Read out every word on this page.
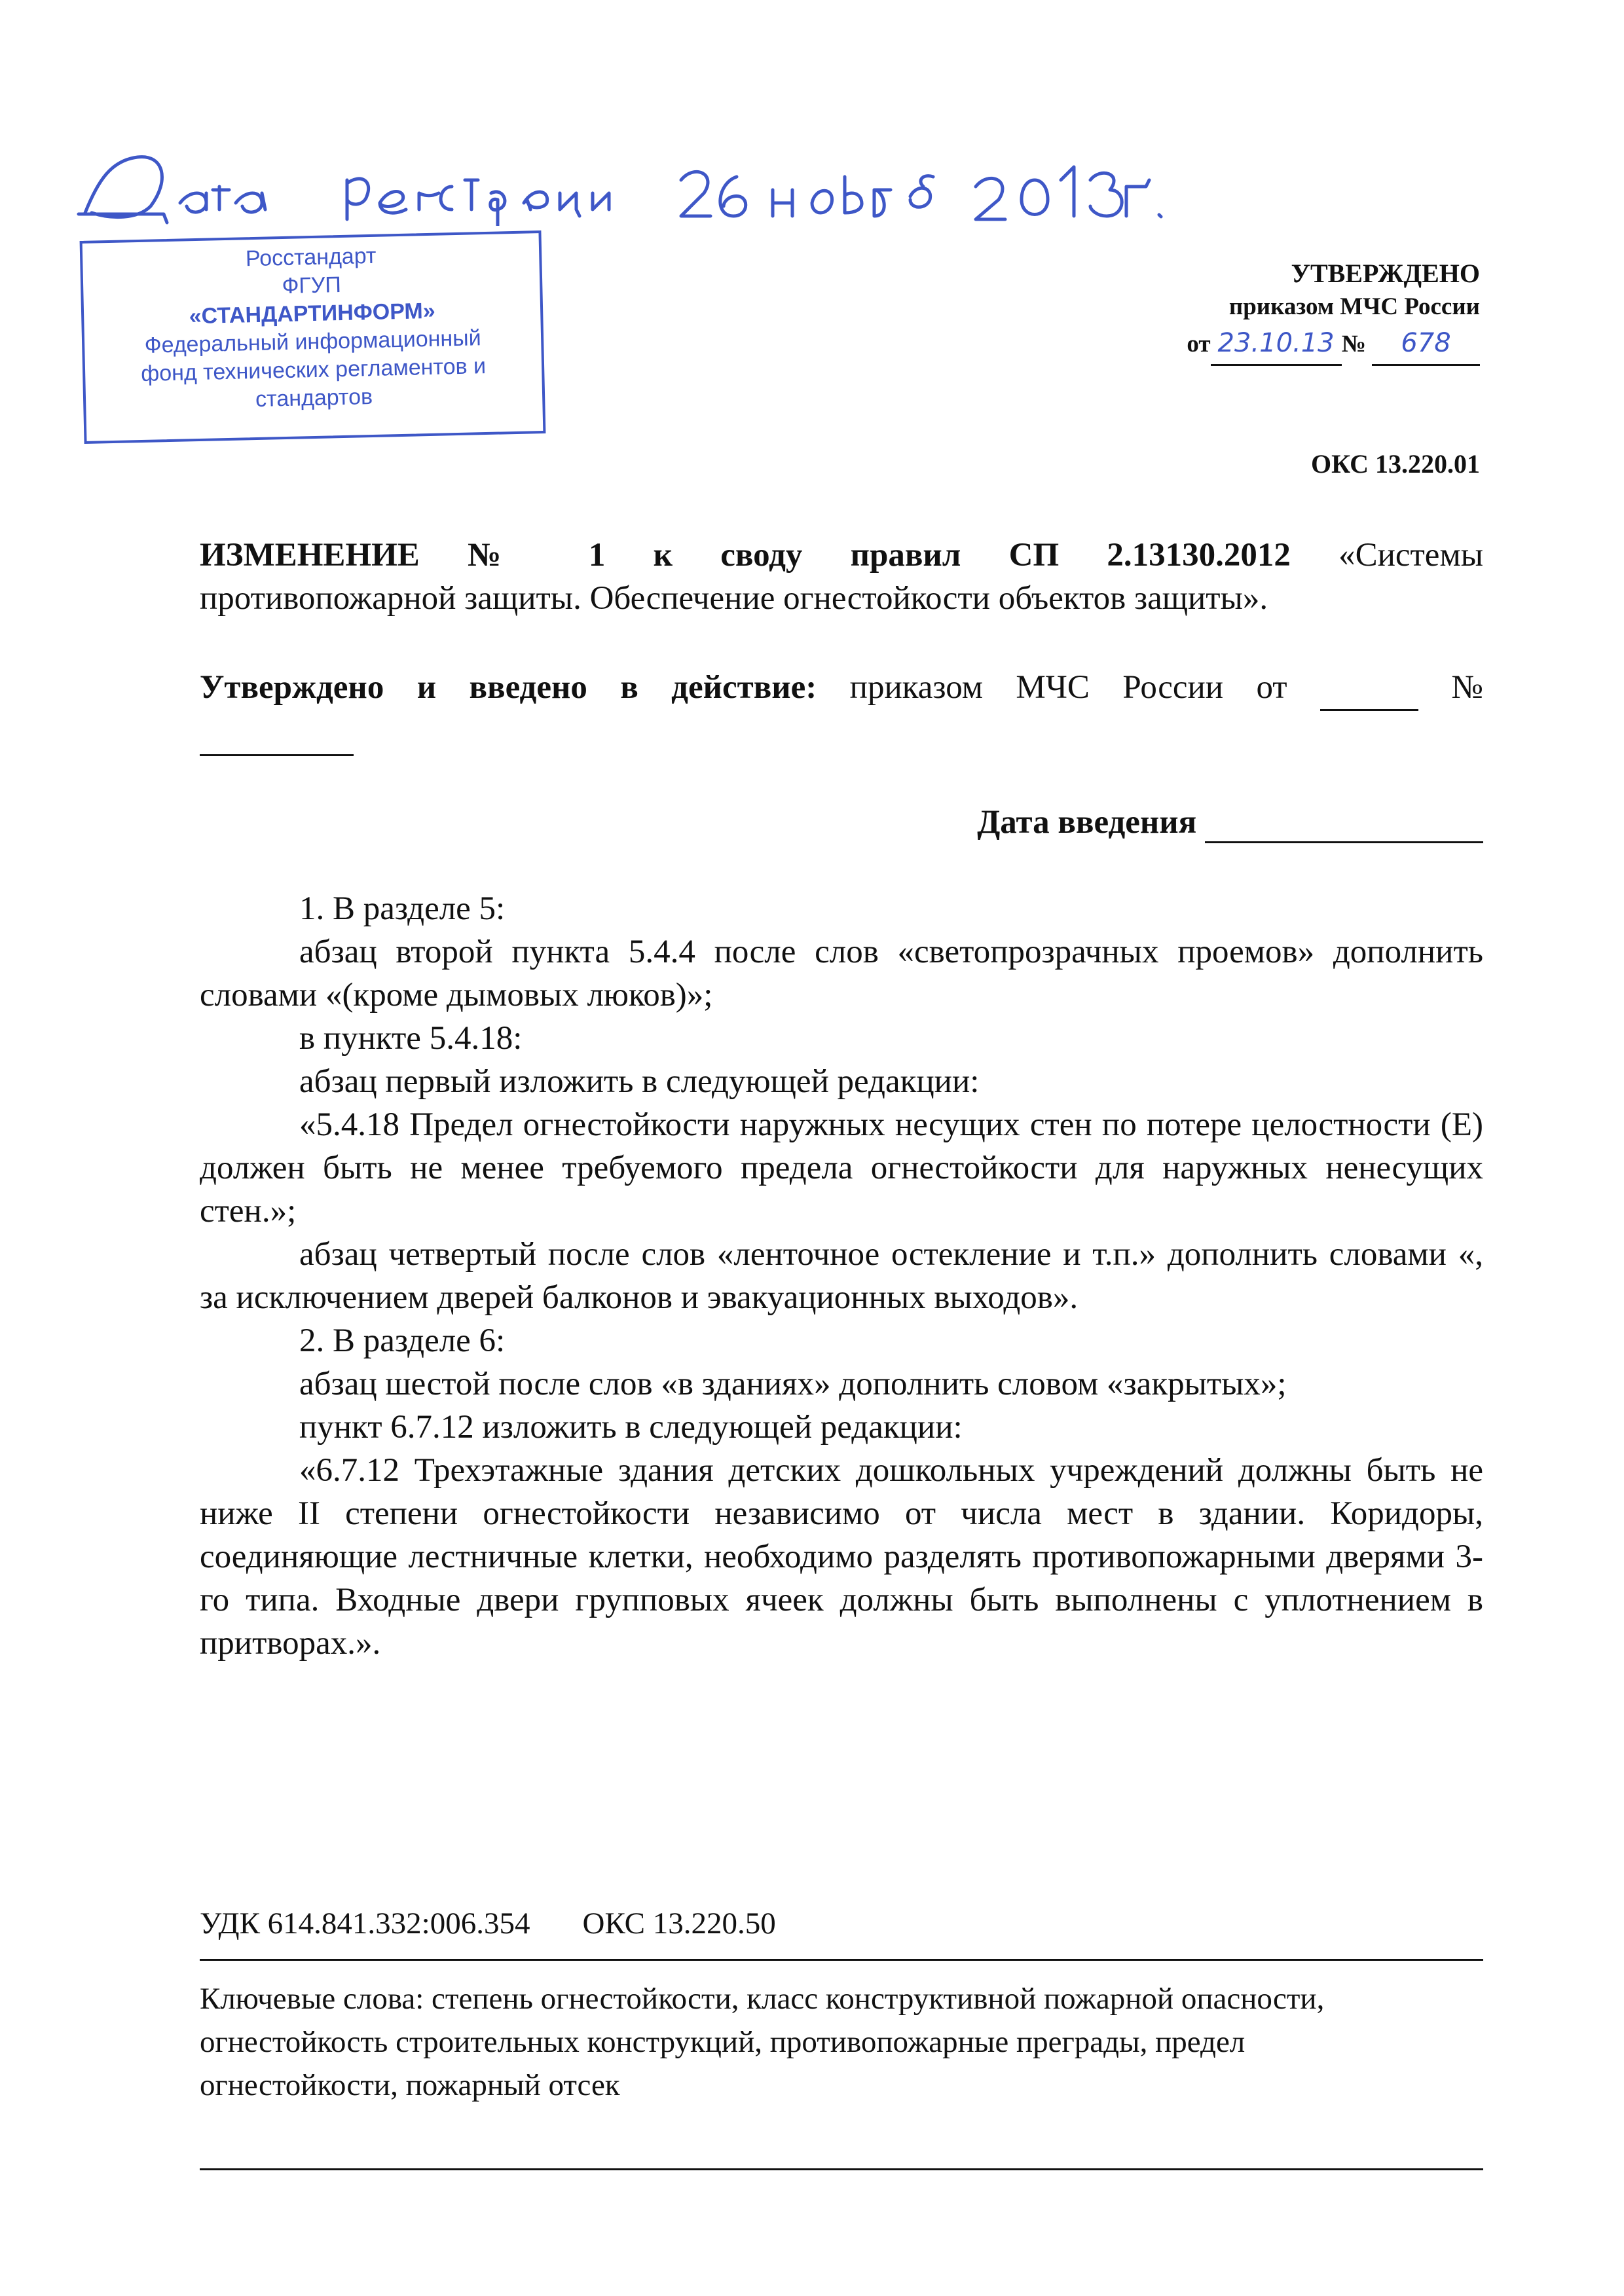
Росстандарт
ФГУП
«СТАНДАРТИНФОРМ»
Федеральный информационный
фонд технических регламентов и
стандартов
УТВЕРЖДЕНО
приказом МЧС России
от 23.10.13 № 678
ОКС 13.220.01
ИЗМЕНЕНИЕ № 1 к своду правил СП 2.13130.2012 «Системы
противопожарной защиты. Обеспечение огнестойкости объектов защиты».
Утверждено и введено в действие: приказом МЧС России от	№

Дата введения

1. В разделе 5:

абзац второй пункта 5.4.4 после слов «светопрозрачных проемов» дополнить словами «(кроме дымовых люков)»;

в пункте 5.4.18:

абзац первый изложить в следующей редакции:

«5.4.18 Предел огнестойкости наружных несущих стен по потере целостности (Е) должен быть не менее требуемого предела огнестойкости для наружных ненесущих стен.»;

абзац четвертый после слов «ленточное остекление и т.п.» дополнить словами «, за исключением дверей балконов и эвакуационных выходов».

2. В разделе 6:

абзац шестой после слов «в зданиях» дополнить словом «закрытых»;

пункт 6.7.12 изложить в следующей редакции:

«6.7.12 Трехэтажные здания детских дошкольных учреждений должны быть не ниже II степени огнестойкости независимо от числа мест в здании. Коридоры, соединяющие лестничные клетки, необходимо разделять противопожарными дверями 3-го типа. Входные двери групповых ячеек должны быть выполнены с уплотнением в притворах.».

УДК 614.841.332:006.354 ОКС 13.220.50
Ключевые слова: степень огнестойкости, класс конструктивной пожарной опасности, огнестойкость строительных конструкций, противопожарные преграды, предел огнестойкости, пожарный отсек
